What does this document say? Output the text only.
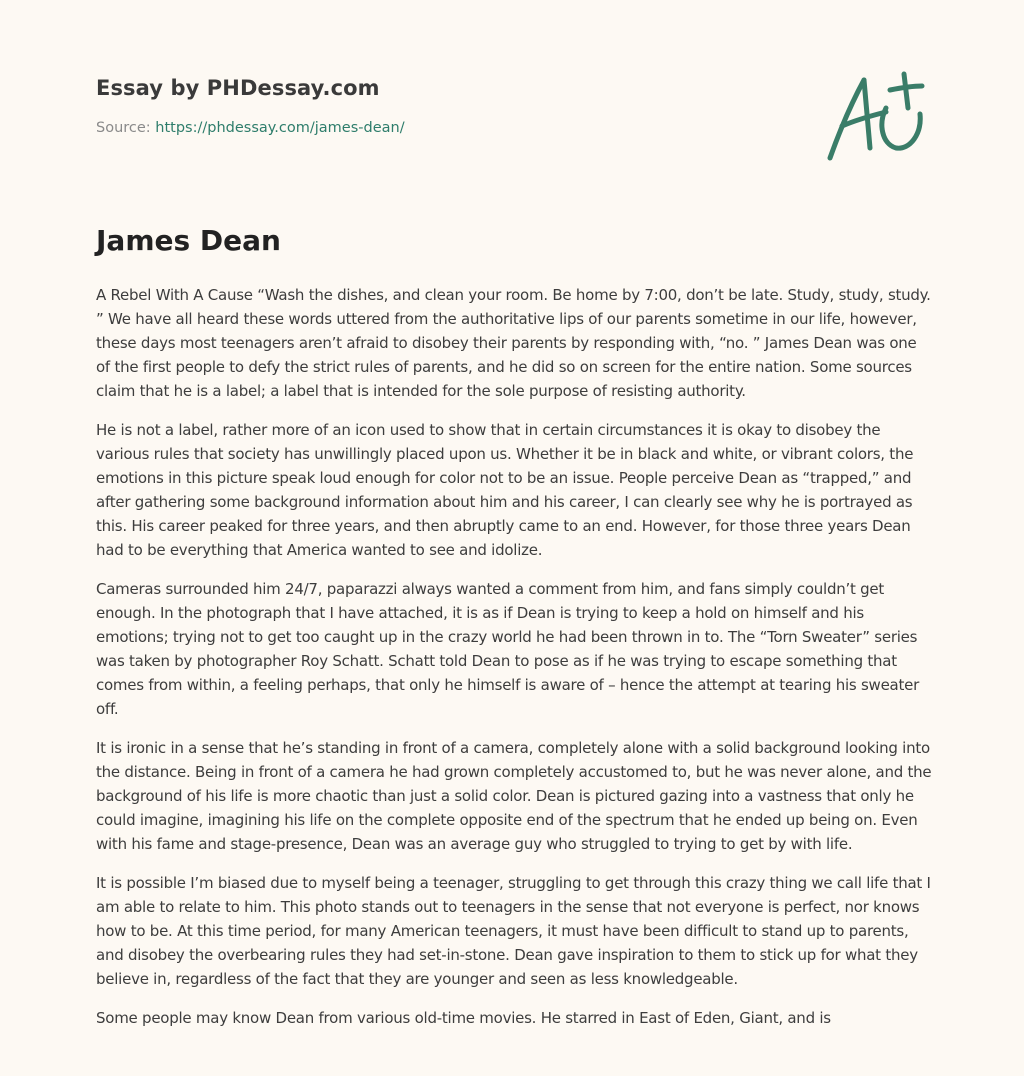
Essay by PHDessay.com
Source: https://phdessay.com/james-dean/
James Dean

A Rebel With A Cause “Wash the dishes, and clean your room. Be home by 7:00, don’t be late. Study, study, study. ” We have all heard these words uttered from the authoritative lips of our parents sometime in our life, however, these days most teenagers aren’t afraid to disobey their parents by responding with, “no. ” James Dean was one of the first people to defy the strict rules of parents, and he did so on screen for the entire nation. Some sources claim that he is a label; a label that is intended for the sole purpose of resisting authority.

He is not a label, rather more of an icon used to show that in certain circumstances it is okay to disobey the various rules that society has unwillingly placed upon us. Whether it be in black and white, or vibrant colors, the emotions in this picture speak loud enough for color not to be an issue. People perceive Dean as “trapped,” and after gathering some background information about him and his career, I can clearly see why he is portrayed as this. His career peaked for three years, and then abruptly came to an end. However, for those three years Dean had to be everything that America wanted to see and idolize.

Cameras surrounded him 24/7, paparazzi always wanted a comment from him, and fans simply couldn’t get enough. In the photograph that I have attached, it is as if Dean is trying to keep a hold on himself and his emotions; trying not to get too caught up in the crazy world he had been thrown in to. The “Torn Sweater” series was taken by photographer Roy Schatt. Schatt told Dean to pose as if he was trying to escape something that comes from within, a feeling perhaps, that only he himself is aware of – hence the attempt at tearing his sweater off.

It is ironic in a sense that he’s standing in front of a camera, completely alone with a solid background looking into the distance. Being in front of a camera he had grown completely accustomed to, but he was never alone, and the background of his life is more chaotic than just a solid color. Dean is pictured gazing into a vastness that only he could imagine, imagining his life on the complete opposite end of the spectrum that he ended up being on. Even with his fame and stage-presence, Dean was an average guy who struggled to trying to get by with life.

It is possible I’m biased due to myself being a teenager, struggling to get through this crazy thing we call life that I am able to relate to him. This photo stands out to teenagers in the sense that not everyone is perfect, nor knows how to be. At this time period, for many American teenagers, it must have been difficult to stand up to parents, and disobey the overbearing rules they had set-in-stone. Dean gave inspiration to them to stick up for what they believe in, regardless of the fact that they are younger and seen as less knowledgeable.

Some people may know Dean from various old-time movies. He starred in East of Eden, Giant, and is
